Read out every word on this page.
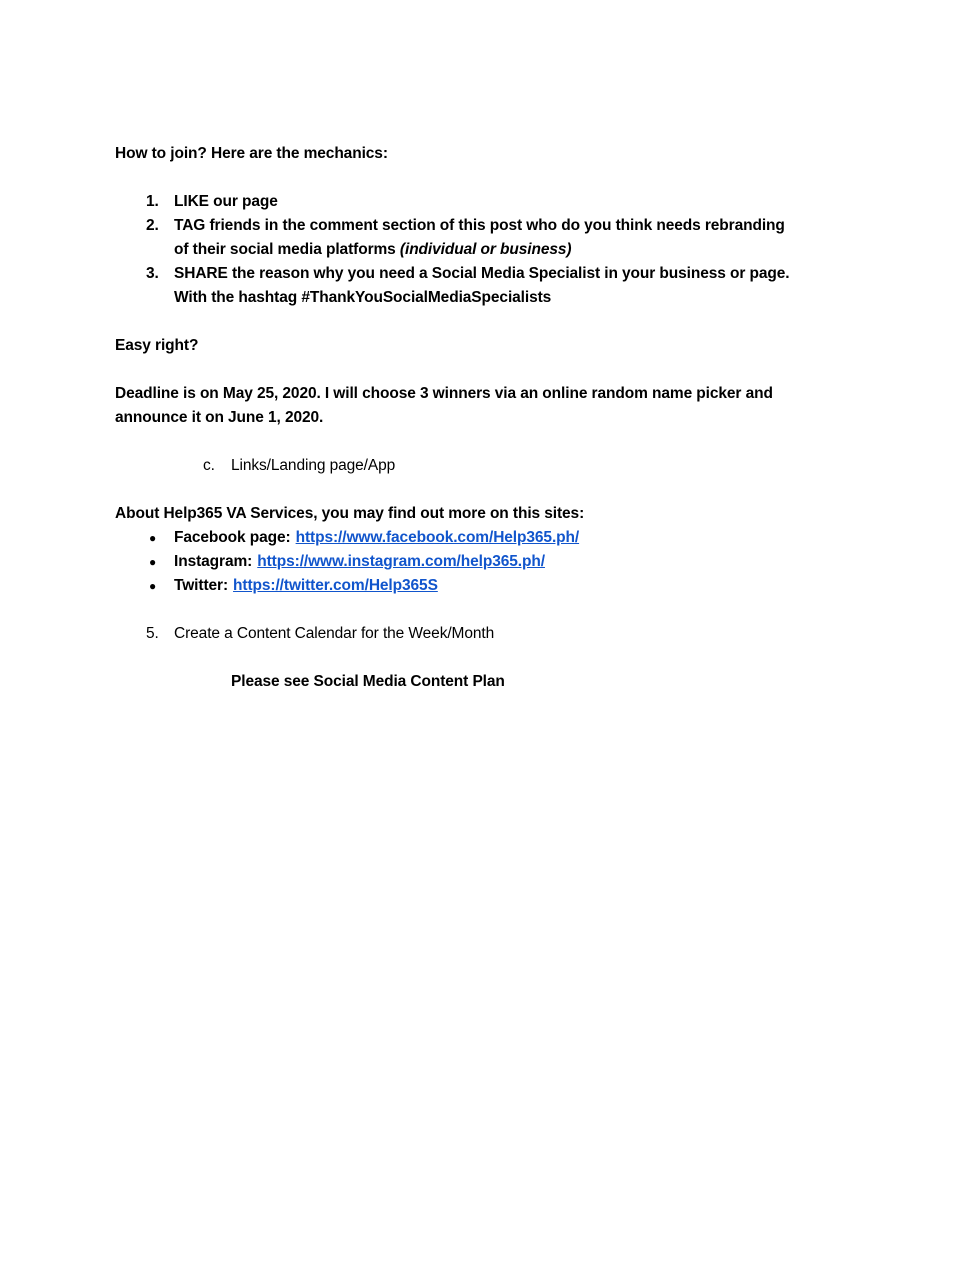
How to join? Here are the mechanics:
1. LIKE our page
2. TAG friends in the comment section of this post who do you think needs rebranding
of their social media platforms (individual or business)
3. SHARE the reason why you need a Social Media Specialist in your business or page.
With the hashtag #ThankYouSocialMediaSpecialists
Easy right?
Deadline is on May 25, 2020. I will choose 3 winners via an online random name picker and
announce it on June 1, 2020.
c.	Links/Landing page/App
About Help365 VA Services, you may find out more on this sites:
●	Facebook page: https://www.facebook.com/Help365.ph/
●	Instagram: https://www.instagram.com/help365.ph/
●	Twitter: https://twitter.com/Help365S
5. Create a Content Calendar for the Week/Month
Please see Social Media Content Plan
